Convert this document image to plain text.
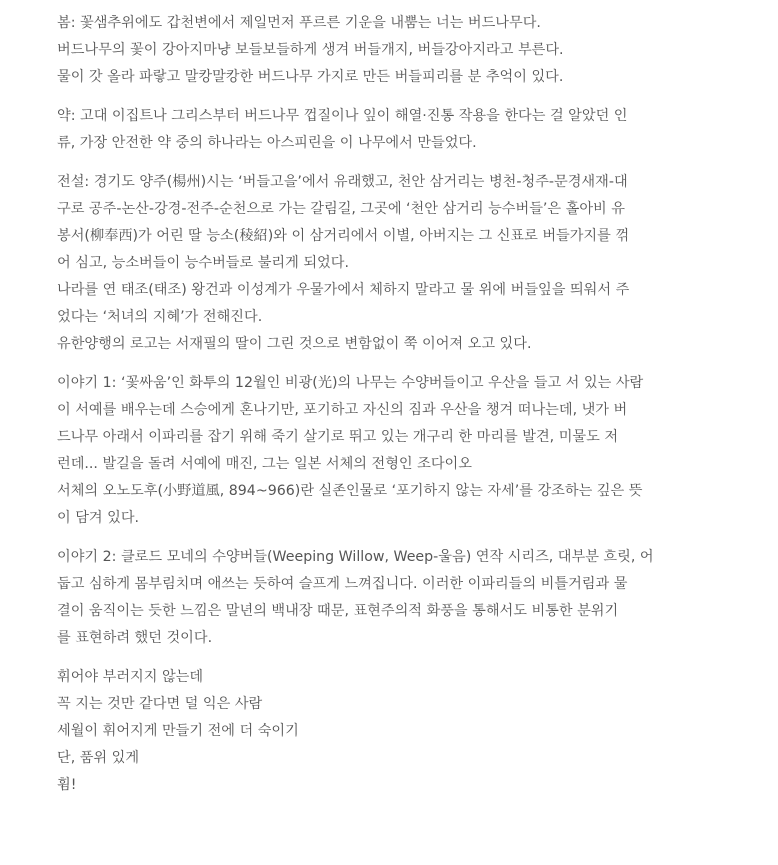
봄: 꽃샘추위에도 갑천변에서 제일먼저 푸르른 기운을 내뿜는 너는 버드나무다.
버드나무의 꽃이 강아지마냥 보들보들하게 생겨 버들개지, 버들강아지라고 부른다.
물이 갓 올라 파랗고 말캉말캉한 버드나무 가지로 만든 버들피리를 분 추억이 있다.

약: 고대 이집트나 그리스부터 버드나무 껍질이나 잎이 해열·진통 작용을 한다는 걸 알았던 인
류, 가장 안전한 약 중의 하나라는 아스피린을 이 나무에서 만들었다.

전설: 경기도 양주(楊州)시는 ‘버들고을’에서 유래했고, 천안 삼거리는 병천-청주-문경새재-대
구로 공주-논산-강경-전주-순천으로 가는 갈림길, 그곳에 ‘천안 삼거리 능수버들’은 홀아비 유
봉서(柳奉西)가 어린 딸 능소(稜紹)와 이 삼거리에서 이별, 아버지는 그 신표로 버들가지를 꺾
어 심고, 능소버들이 능수버들로 불리게 되었다.
나라를 연 태조(태조) 왕건과 이성계가 우물가에서 체하지 말라고 물 위에 버들잎을 띄워서 주
었다는 ‘처녀의 지혜’가 전해진다.
유한양행의 로고는 서재필의 딸이 그린 것으로 변함없이 쭉 이어져 오고 있다.

이야기 1: ‘꽃싸움’인 화투의 12월인 비광(光)의 나무는 수양버들이고 우산을 들고 서 있는 사람
이 서예를 배우는데 스승에게 혼나기만, 포기하고 자신의 짐과 우산을 챙겨 떠나는데, 냇가 버
드나무 아래서 이파리를 잡기 위해 죽기 살기로 뛰고 있는 개구리 한 마리를 발견, 미물도 저
런데... 발길을 돌려 서예에 매진, 그는 일본 서체의 전형인 조다이오
서체의 오노도후(小野道風, 894~966)란 실존인물로 ‘포기하지 않는 자세’를 강조하는 깊은 뜻
이 담겨 있다.

이야기 2: 클로드 모네의 수양버들(Weeping Willow, Weep-울음) 연작 시리즈, 대부분 흐릿, 어
둡고 심하게 몸부림치며 애쓰는 듯하여 슬프게 느껴집니다. 이러한 이파리들의 비틀거림과 물
결이 움직이는 듯한 느낌은 말년의 백내장 때문, 표현주의적 화풍을 통해서도 비통한 분위기
를 표현하려 했던 것이다.

휘어야 부러지지 않는데
꼭 지는 것만 같다면 덜 익은 사람
세월이 휘어지게 만들기 전에 더 숙이기
단, 품위 있게
휨!
